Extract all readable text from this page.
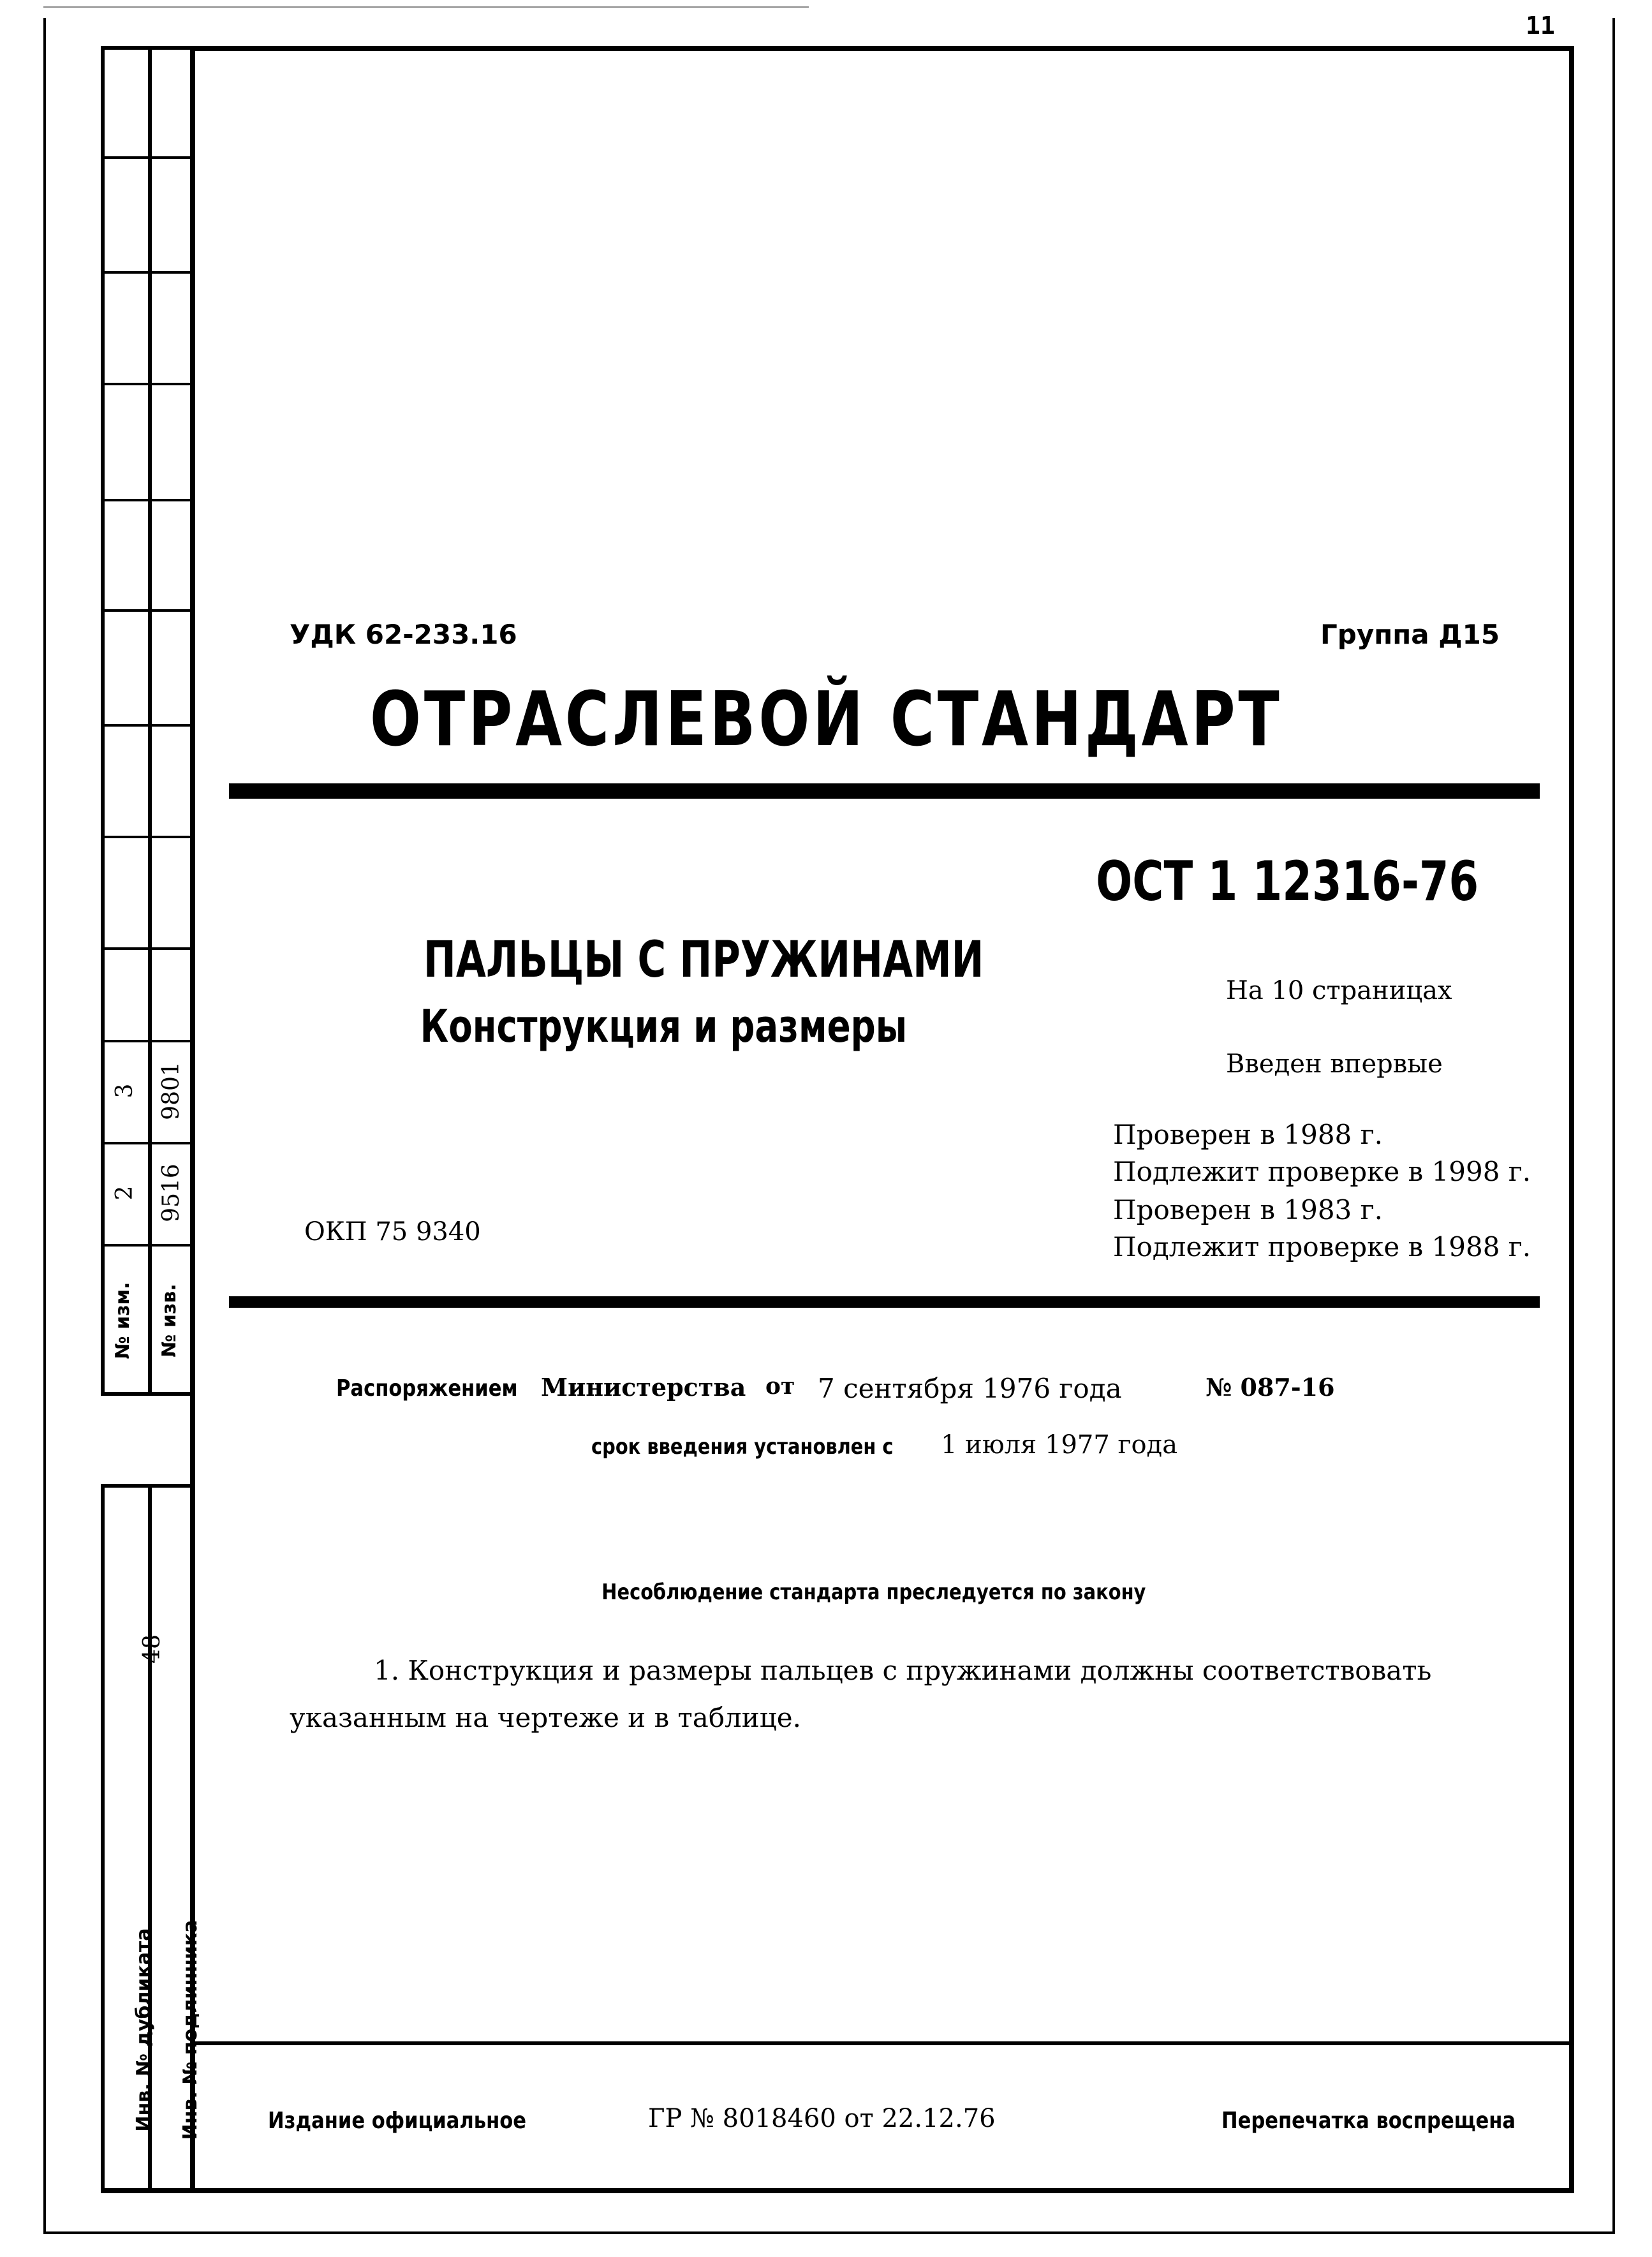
11
3 9801
2 9516
№ изм. № изв.
48
Инв. № дубликата	Инв. № подлинника
УДК 62-233.16	Группа Д15
ОТРАСЛЕВОЙ СТАНДАРТ
ОСТ 1 12316-76
ПАЛЬЦЫ С ПРУЖИНАМИ
Конструкция и размеры
На 10 страницах
Введен впервые
Проверен в 1988 г.
Подлежит проверке в 1998 г.
Проверен в 1983 г.
Подлежит проверке в 1988 г.
ОКП 75 9340
Распоряжением Министерства от 7 сентября 1976 года	№ 087-16
срок введения установлен с	1 июля 1977 года
Несоблюдение стандарта преследуется по закону
1. Конструкция и размеры пальцев с пружинами должны соответствовать
указанным на чертеже и в таблице.
Издание официальное	ГР № 8018460 от 22.12.76	Перепечатка воспрещена
